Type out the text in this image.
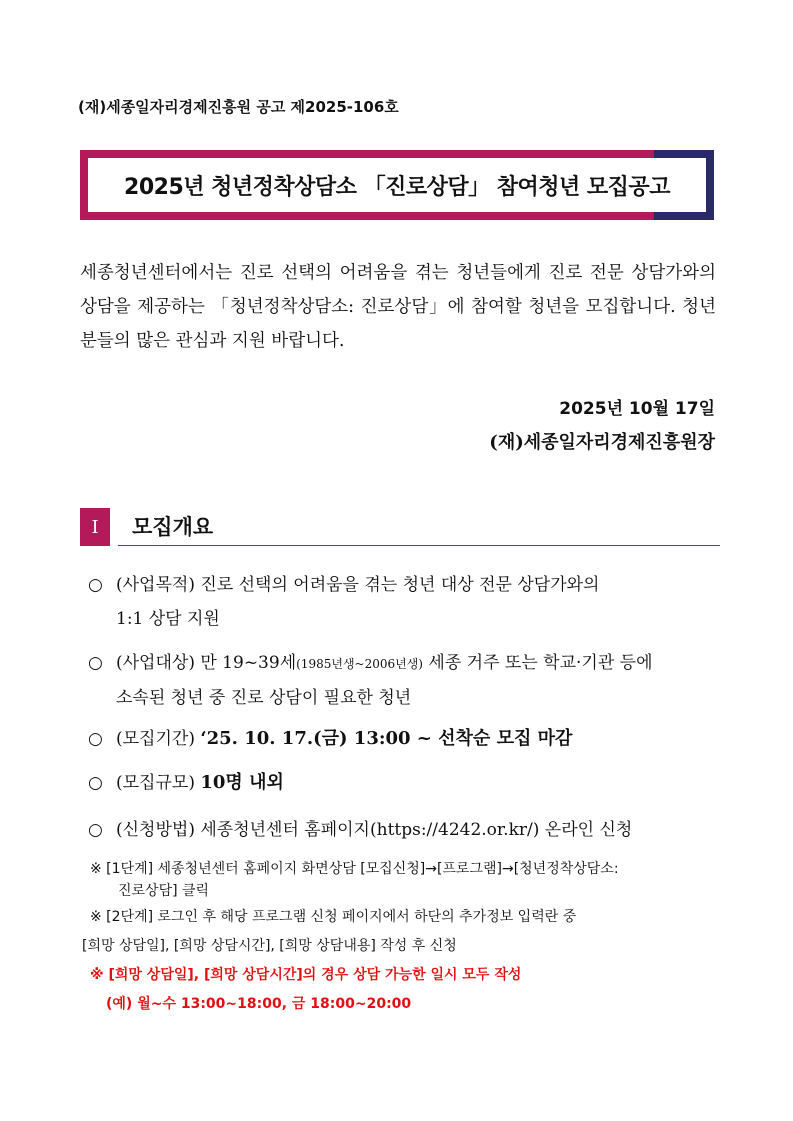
(재)세종일자리경제진흥원 공고 제2025-106호
2025년 청년정착상담소 「진로상담」 참여청년 모집공고
세종청년센터에서는 진로 선택의 어려움을 겪는 청년들에게 진로 전문 상담가와의 상담을 제공하는 「청년정착상담소: 진로상담」에 참여할 청년을 모집합니다. 청년분들의 많은 관심과 지원 바랍니다.
2025년 10월 17일
(재)세종일자리경제진흥원장
Ⅰ	모집개요
○ (사업목적) 진로 선택의 어려움을 겪는 청년 대상 전문 상담가와의
1:1 상담 지원
○ (사업대상) 만 19~39세(1985년생~2006년생) 세종 거주 또는 학교·기관 등에
소속된 청년 중 진로 상담이 필요한 청년
○ (모집기간) ‘25. 10. 17.(금) 13:00 ~ 선착순 모집 마감
○ (모집규모) 10명 내외
○ (신청방법) 세종청년센터 홈페이지(https://4242.or.kr/) 온라인 신청
※ [1단계] 세종청년센터 홈페이지 화면상담 [모집신청]→[프로그램]→[청년정착상담소:
진로상담] 클릭
※ [2단계] 로그인 후 해당 프로그램 신청 페이지에서 하단의 추가정보 입력란 중
[희망 상담일], [희망 상담시간], [희망 상담내용] 작성 후 신청
※ [희망 상담일], [희망 상담시간]의 경우 상담 가능한 일시 모두 작성
(예) 월~수 13:00~18:00, 금 18:00~20:00
